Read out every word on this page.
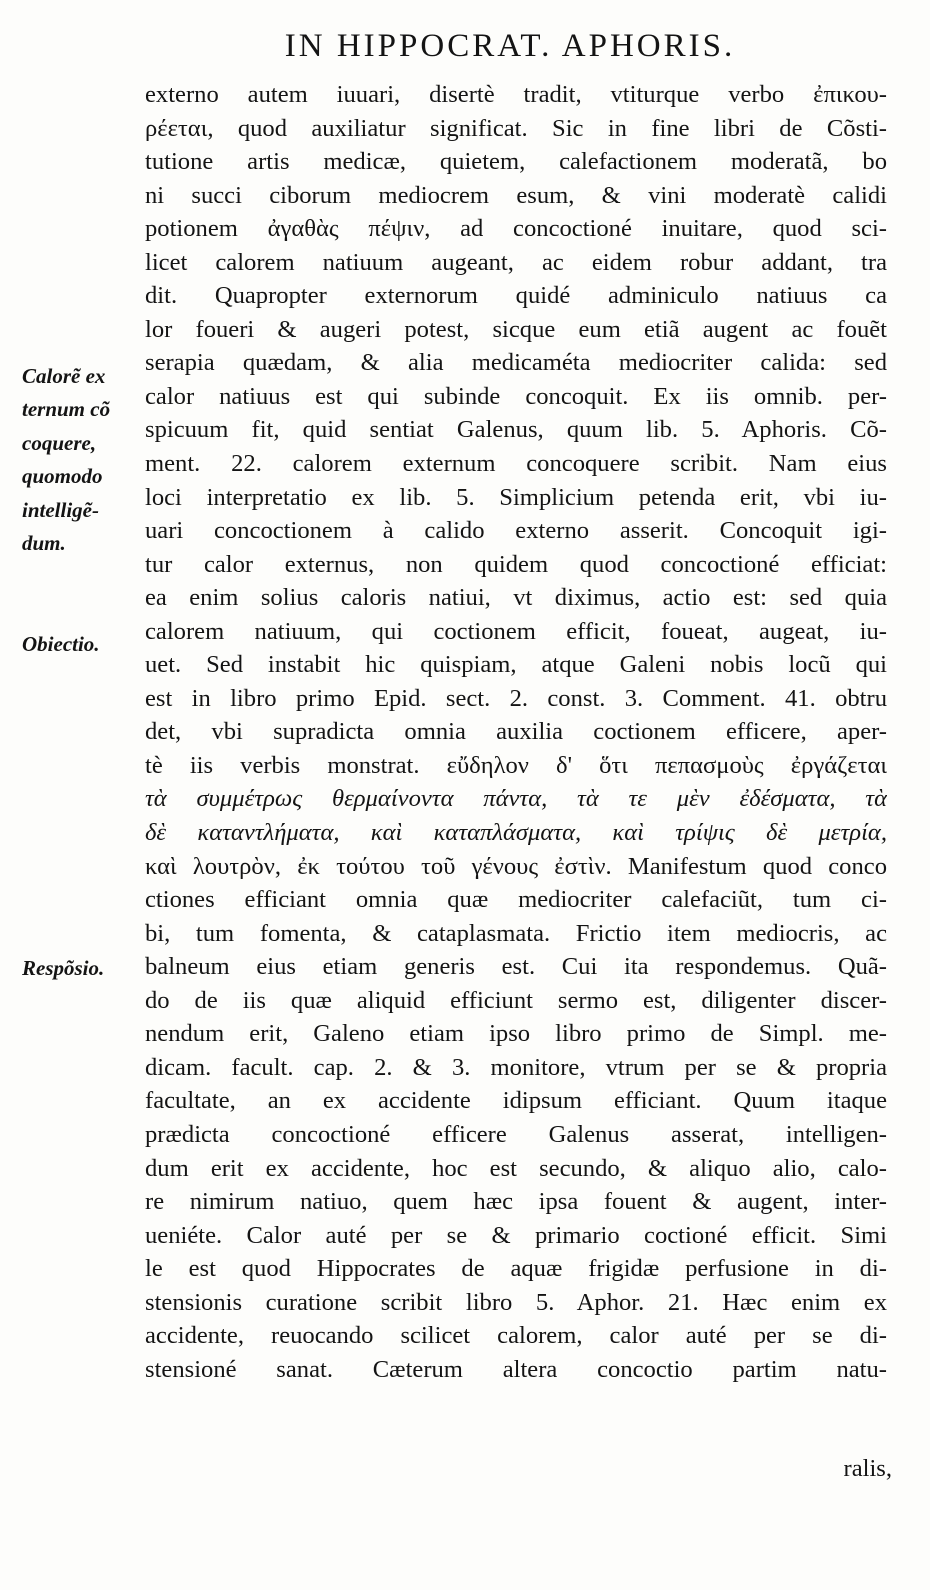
IN HIPPOCRAT. APHORIS.
Calorẽ ex
ternum cõ
coquere,
quomodo
intelligẽ-
dum.
Obiectio.
Respõsio.
externo autem iuuari, disertè tradit, vtiturque verbo ἐπικου-
ρέεται, quod auxiliatur significat. Sic in fine libri de Cõsti-
tutione artis medicæ, quietem, calefactionem moderatã, bo
ni succi ciborum mediocrem esum, & vini moderatè calidi
potionem ἀγαθὰς πέψιν, ad concoctioné inuitare, quod sci-
licet calorem natiuum augeant, ac eidem robur addant, tra
dit. Quapropter externorum quidé adminiculo natiuus ca
lor foueri & augeri potest, sicque eum etiã augent ac fouẽt
serapia quædam, & alia medicaméta mediocriter calida: sed
calor natiuus est qui subinde concoquit. Ex iis omnib. per-
spicuum fit, quid sentiat Galenus, quum lib. 5. Aphoris. Cõ-
ment. 22. calorem externum concoquere scribit. Nam eius
loci interpretatio ex lib. 5. Simplicium petenda erit, vbi iu-
uari concoctionem à calido externo asserit. Concoquit igi-
tur calor externus, non quidem quod concoctioné efficiat:
ea enim solius caloris natiui, vt diximus, actio est: sed quia
calorem natiuum, qui coctionem efficit, foueat, augeat, iu-
uet. Sed instabit hic quispiam, atque Galeni nobis locũ qui
est in libro primo Epid. sect. 2. const. 3. Comment. 41. obtru
det, vbi supradicta omnia auxilia coctionem efficere, aper-
tè iis verbis monstrat. εὔδηλον δ' ὅτι πεπασμοὺς ἐργάζεται
τὰ συμμέτρως θερμαίνοντα πάντα, τὰ τε μὲν ἐδέσματα, τὰ
δὲ καταντλήματα, καὶ καταπλάσματα, καὶ τρίψις δὲ μετρία,
καὶ λουτρὸν, ἐκ τούτου τοῦ γένους ἐστὶν. Manifestum quod conco
ctiones efficiant omnia quæ mediocriter calefaciũt, tum ci-
bi, tum fomenta, & cataplasmata. Frictio item mediocris, ac
balneum eius etiam generis est. Cui ita respondemus. Quã-
do de iis quæ aliquid efficiunt sermo est, diligenter discer-
nendum erit, Galeno etiam ipso libro primo de Simpl. me-
dicam. facult. cap. 2. & 3. monitore, vtrum per se & propria
facultate, an ex accidente idipsum efficiant. Quum itaque
prædicta concoctioné efficere Galenus asserat, intelligen-
dum erit ex accidente, hoc est secundo, & aliquo alio, calo-
re nimirum natiuo, quem hæc ipsa fouent & augent, inter-
ueniéte. Calor auté per se & primario coctioné efficit. Simi
le est quod Hippocrates de aquæ frigidæ perfusione in di-
stensionis curatione scribit libro 5. Aphor. 21. Hæc enim ex
accidente, reuocando scilicet calorem, calor auté per se di-
stensioné sanat. Cæterum altera concoctio partim natu-
ralis,
